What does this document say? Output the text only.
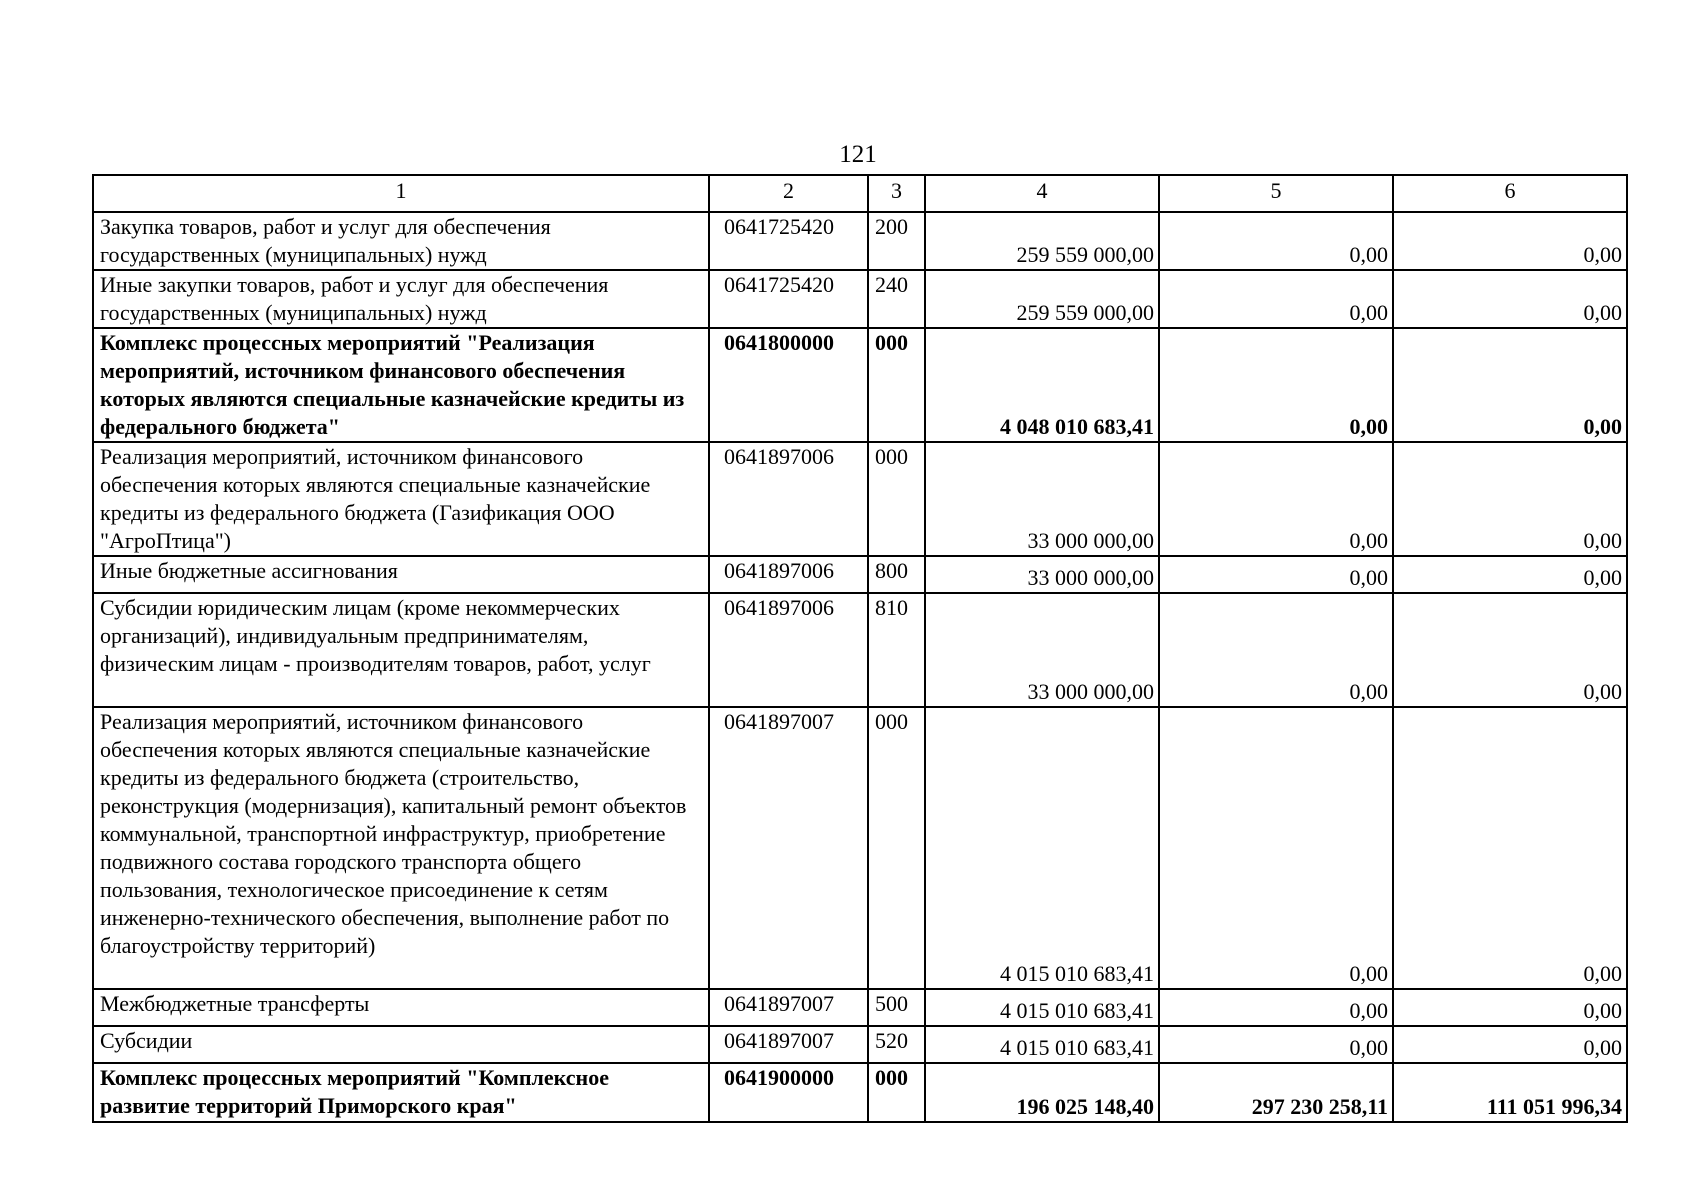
121
1	2	3	4	5	6
Закупка товаров, работ и услуг для обеспечения государственных (муниципальных) нужд	0641725420	200	259 559 000,00	0,00	0,00
Иные закупки товаров, работ и услуг для обеспечения государственных (муниципальных) нужд	0641725420	240	259 559 000,00	0,00	0,00
Комплекс процессных мероприятий "Реализация мероприятий, источником финансового обеспечения которых являются специальные казначейские кредиты из федерального бюджета"	0641800000	000	4 048 010 683,41	0,00	0,00
Реализация мероприятий, источником финансового обеспечения которых являются специальные казначейские кредиты из федерального бюджета (Газификация ООО "АгроПтица")	0641897006	000	33 000 000,00	0,00	0,00
Иные бюджетные ассигнования	0641897006	800	33 000 000,00	0,00	0,00
Субсидии юридическим лицам (кроме некоммерческих организаций), индивидуальным предпринимателям, физическим лицам - производителям товаров, работ, услуг	0641897006	810	33 000 000,00	0,00	0,00
Реализация мероприятий, источником финансового обеспечения которых являются специальные казначейские кредиты из федерального бюджета (строительство, реконструкция (модернизация), капитальный ремонт объектов коммунальной, транспортной инфраструктур, приобретение подвижного состава городского транспорта общего пользования, технологическое присоединение к сетям инженерно-технического обеспечения, выполнение работ по благоустройству территорий)	0641897007	000	4 015 010 683,41	0,00	0,00
Межбюджетные трансферты	0641897007	500	4 015 010 683,41	0,00	0,00
Субсидии	0641897007	520	4 015 010 683,41	0,00	0,00
Комплекс процессных мероприятий "Комплексное развитие территорий Приморского края"	0641900000	000	196 025 148,40	297 230 258,11	111 051 996,34
